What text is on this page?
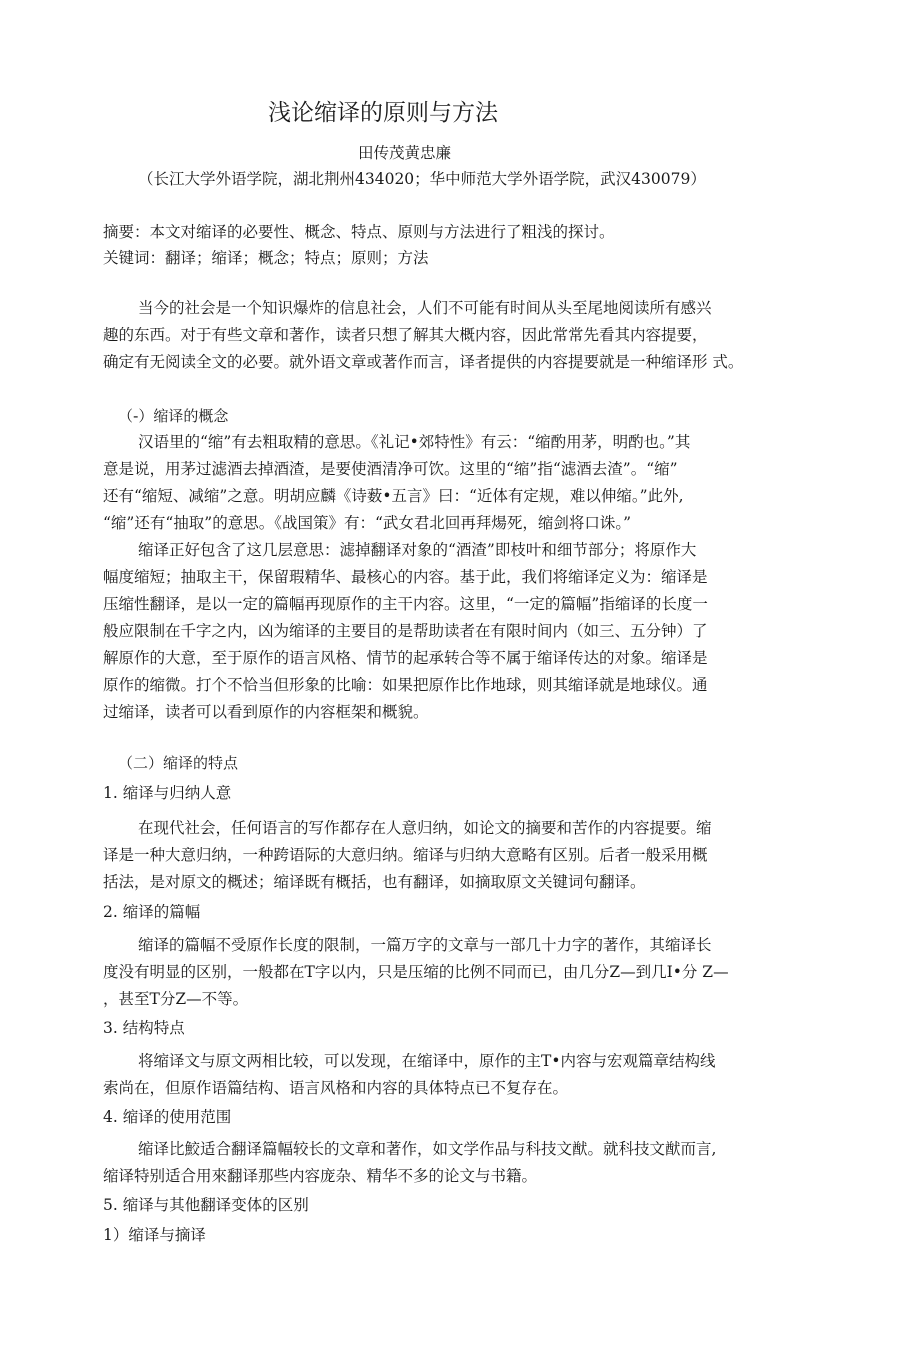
浅论缩译的原则与方法
田传茂黄忠廉
（长江大学外语学院，湖北荆州434020；华中师范大学外语学院，武汉430079）
摘要：本文对缩译的必要性、概念、特点、原则与方法进行了粗浅的探讨。
关键词：翻译；缩译；概念；特点；原则；方法
当今的社会是一个知识爆炸的信息社会，人们不可能有时间从头至尾地阅读所有感兴
趣的东西。对于有些文章和著作，读者只想了解其大概内容，因此常常先看其内容提要，
确定有无阅读全文的必要。就外语文章或著作而言，译者提供的内容提要就是一种缩译形 式。
（-）缩译的概念
汉语里的“缩”有去粗取精的意思。《礼记•郊特性》有云：“缩酌用茅，明酌也。”其
意是说，用茅过滤酒去掉酒渣，是要使酒清净可饮。这里的“缩”指“滤酒去渣”。“缩”
还有“缩短、减缩”之意。明胡应麟《诗薮•五言》曰：“近体有定规，难以伸缩。”此外,
“缩”还有“抽取”的意思。《战国策》有：“武女君北回再拜煬死，缩剑将口诛。”
缩译正好包含了这几层意思：滤掉翻译对象的“酒渣”即枝叶和细节部分；将原作大
幅度缩短；抽取主干，保留瑕精华、最核心的内容。基于此，我们将缩译定义为：缩译是
压缩性翻译，是以一定的篇幅再现原作的主干内容。这里，“一定的篇幅”指缩译的长度一
般应限制在千字之内，凶为缩译的主要目的是帮助读者在有限时间内（如三、五分钟）了
解原作的大意，至于原作的语言风格、情节的起承转合等不属于缩译传达的对象。缩译是
原作的缩微。打个不恰当但形象的比喻：如果把原作比作地球，则其缩译就是地球仪。通
过缩译，读者可以看到原作的内容框架和概貌。
（二）缩译的特点
1. 缩译与归纳人意
在现代社会，任何语言的写作都存在人意归纳，如论文的摘要和苦作的内容提要。缩
译是一种大意归纳，一种跨语际的大意归纳。缩译与归纳大意略有区别。后者一般采用概
括法，是对原文的概述；缩译既有概括，也有翻译，如摘取原文关键词句翻译。
2. 缩译的篇幅
缩译的篇幅不受原作长度的限制，一篇万字的文章与一部几十力字的著作，其缩译长
度没有明显的区别，一般都在T字以内，只是压缩的比例不同而已，由几分Z—到几I•分 Z—
，甚至T分Z—不等。
3. 结构特点
将缩译文与原文两相比较，可以发现，在缩译中，原作的主T•内容与宏观篇章结构线
索尚在，但原作语篇结构、语言风格和内容的具体特点已不复存在。
4. 缩译的使用范围
缩译比鮫适合翻译篇幅较长的文章和著作，如文学作品与科技文猷。就科技文猷而言,
缩译特别适合用來翻译那些内容庞杂、精华不多的论文与书籍。
5. 缩译与其他翻译变体的区别
1）缩译与摘译
